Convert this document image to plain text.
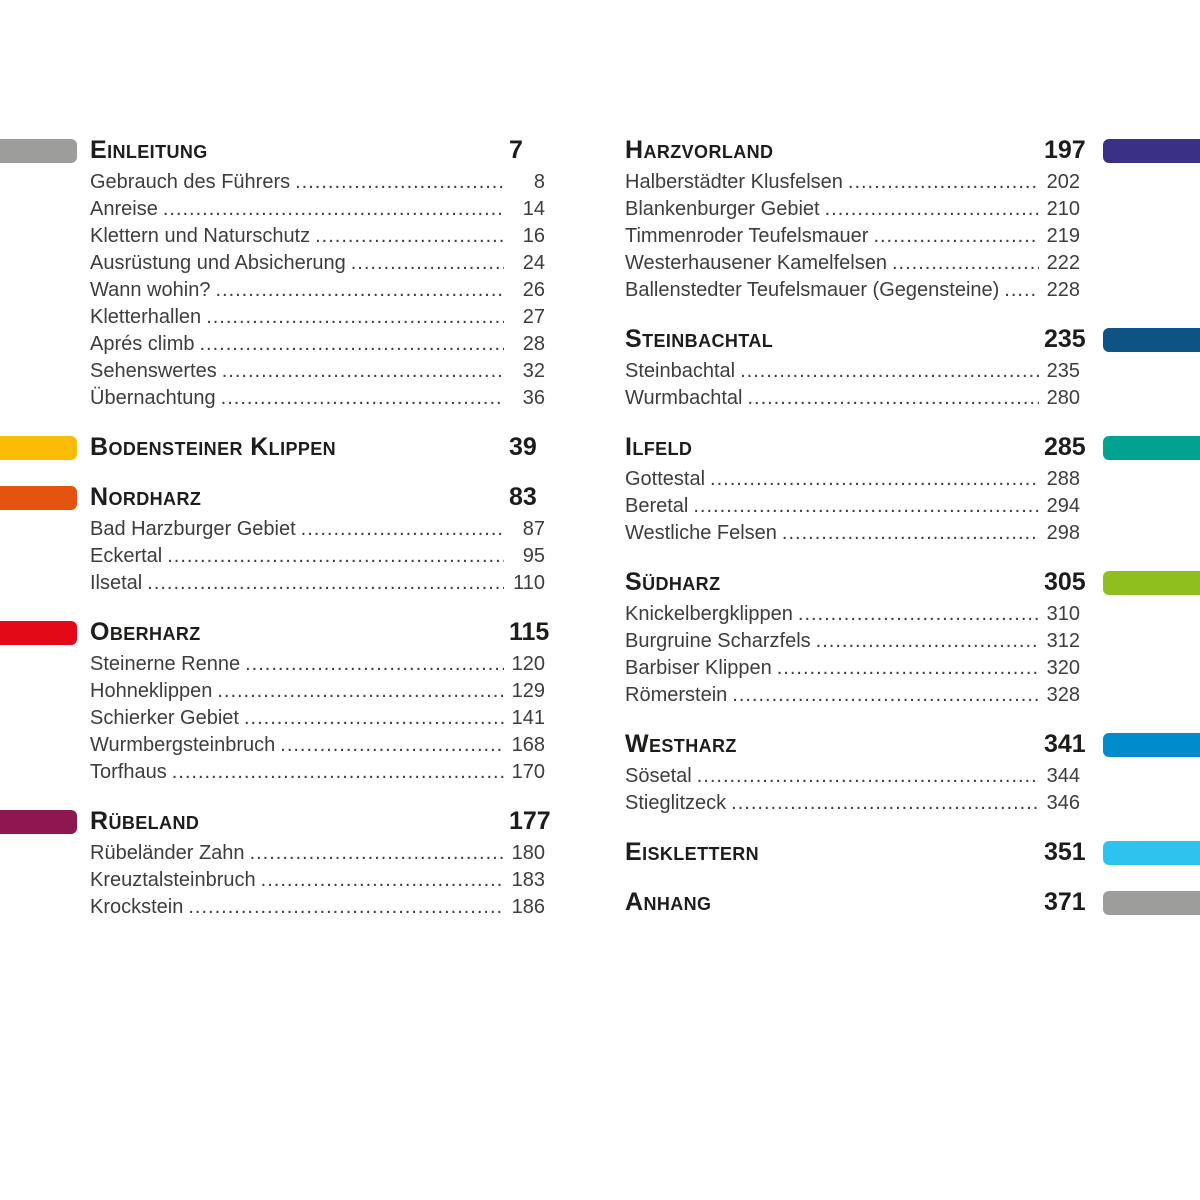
Einleitung	7
Gebrauch des Führers .....	8
Anreise .....	14
Klettern und Naturschutz .....	16
Ausrüstung und Absicherung .....	24
Wann wohin? .....	26
Kletterhallen .....	27
Aprés climb .....	28
Sehenswertes .....	32
Übernachtung .....	36
Bodensteiner Klippen	39
Nordharz	83
Bad Harzburger Gebiet .....	87
Eckertal .....	95
Ilsetal .....	110
Oberharz	115
Steinerne Renne .....	120
Hohneklippen .....	129
Schierker Gebiet .....	141
Wurmbergsteinbruch .....	168
Torfhaus .....	170
Rübeland	177
Rübeländer Zahn .....	180
Kreuztalsteinbruch .....	183
Krockstein .....	186
Harzvorland	197
Halberstädter Klusfelsen .....	202
Blankenburger Gebiet .....	210
Timmenroder Teufelsmauer .....	219
Westerhausener Kamelfelsen .....	222
Ballenstedter Teufelsmauer (Gegensteine) ..... 228
Steinbachtal	235
Steinbachtal .....	235
Wurmbachtal .....	280
Ilfeld	285
Gottestal .....	288
Beretal .....	294
Westliche Felsen .....	298
Südharz	305
Knickelbergklippen .....	310
Burgruine Scharzfels .....	312
Barbiser Klippen .....	320
Römerstein .....	328
Westharz	341
Sösetal .....	344
Stieglitzeck .....	346
Eisklettern	351
Anhang	371
